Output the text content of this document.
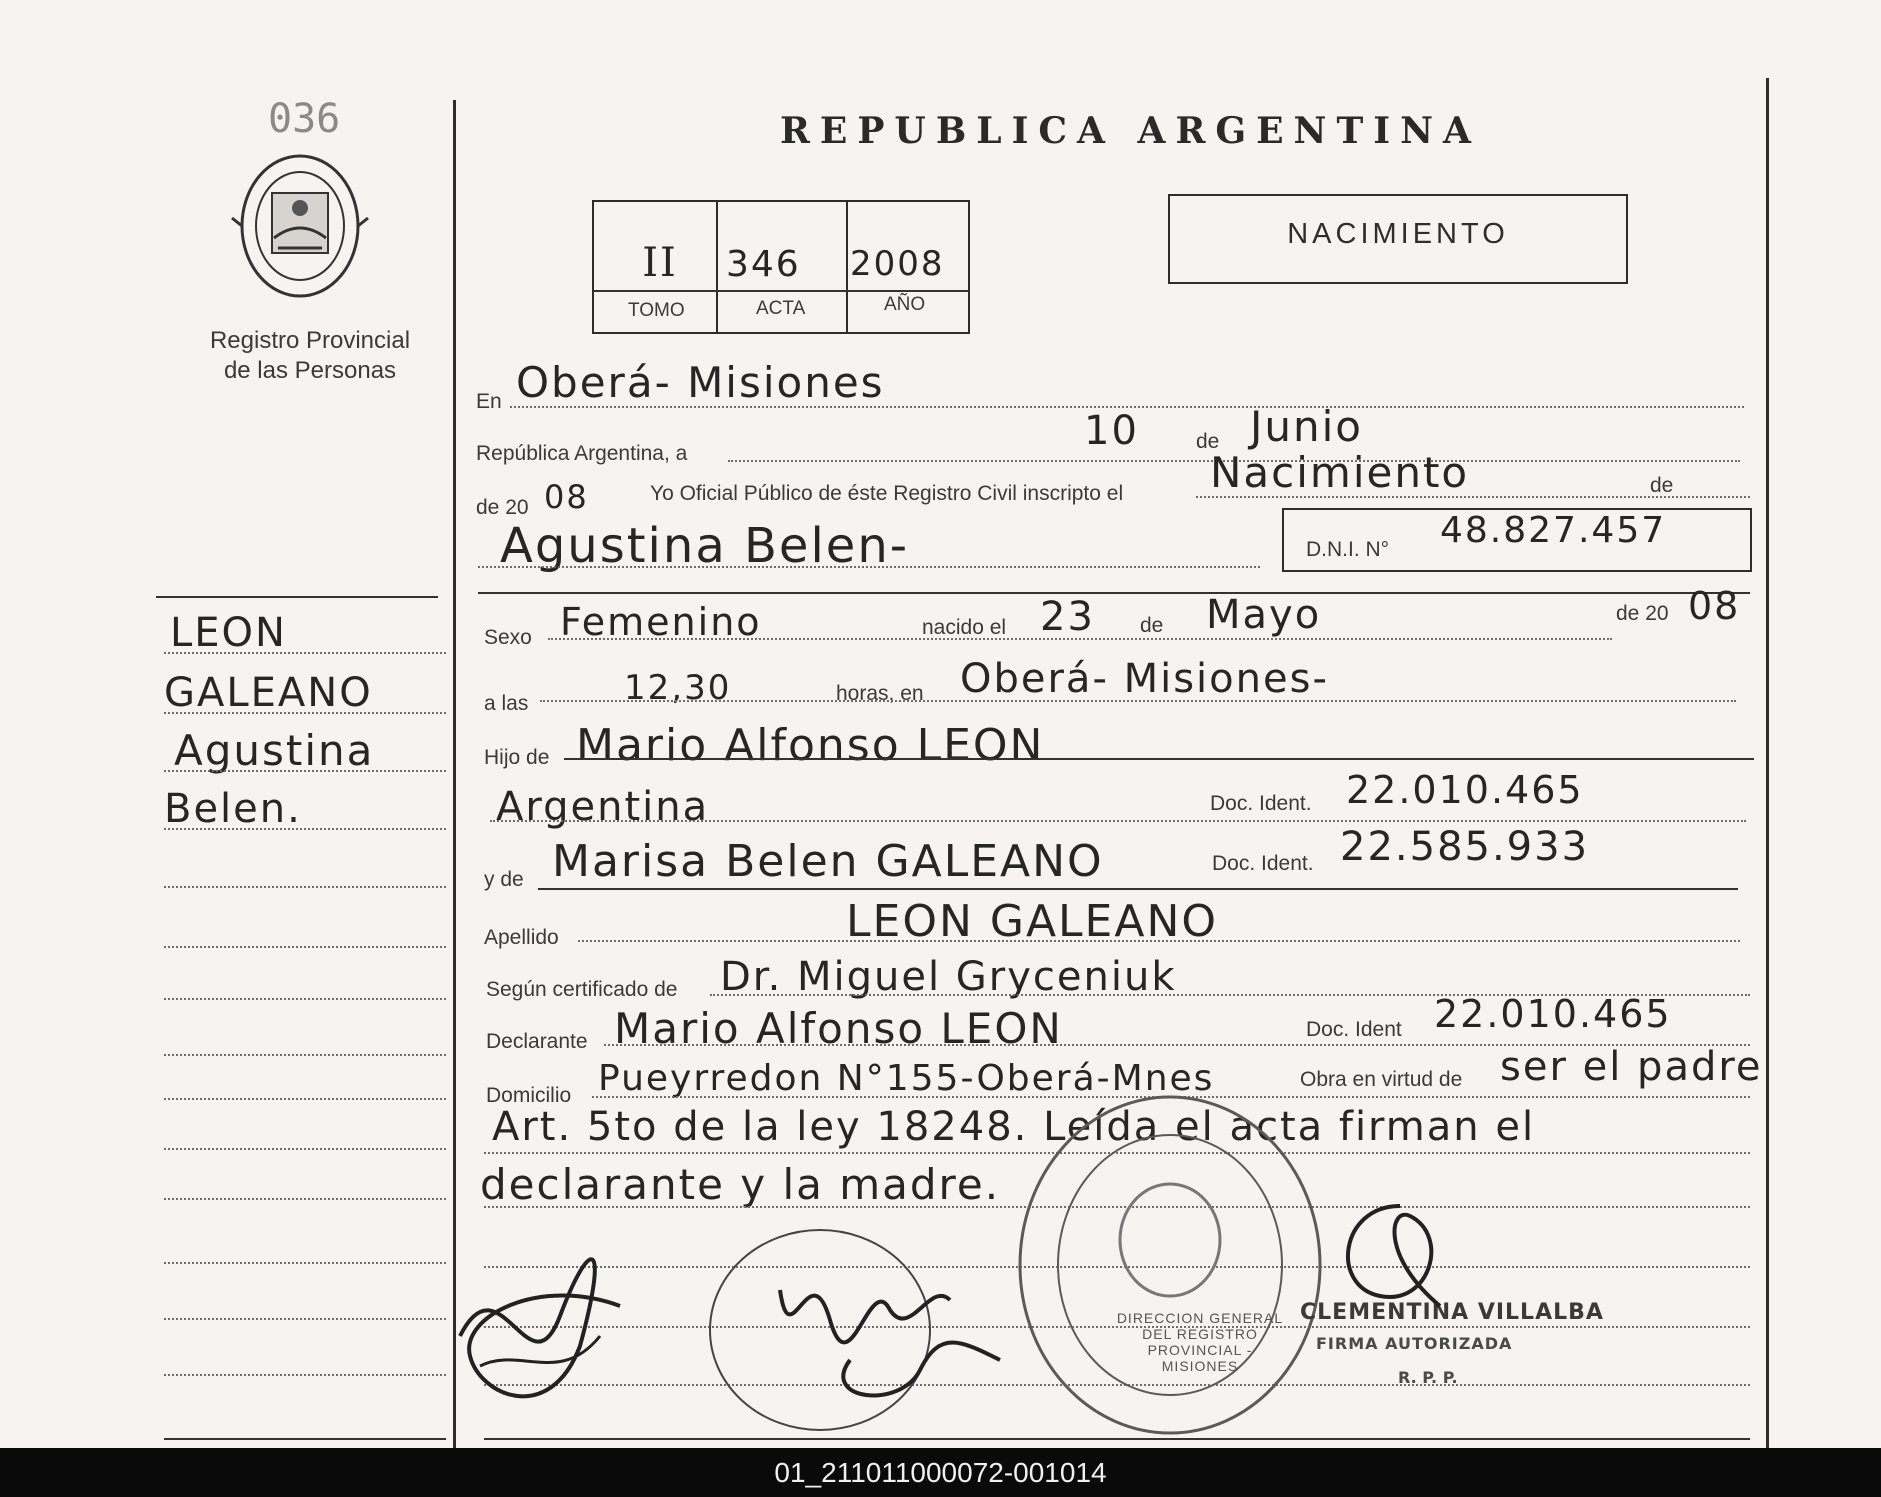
036
Registro Provincial
de las Personas
REPUBLICA ARGENTINA
II	346 2008
TOMO	ACTA	AÑO
NACIMIENTO
LEON
GALEANO
Agustina
Belen.
En Oberá- Misiones
República Argentina, a	10	de Junio
de 20 08	Yo Oficial Público de éste Registro Civil inscripto el Nacimiento	de
Agustina Belen-	D.N.I. N° 48.827.457
Sexo Femenino	nacido el 23 de Mayo	de 20 08
a las	12,30	horas, en Oberá- Misiones-
Hijo de Mario Alfonso LEON
Argentina	Doc. Ident. 22.010.465
y de Marisa Belen GALEANO	Doc. Ident. 22.585.933
Apellido	LEON GALEANO
Según certificado de Dr. Miguel Gryceniuk
Declarante Mario Alfonso LEON	Doc. Ident 22.010.465
Domicilio Pueyrredon N°155-Oberá-Mnes	Obra en virtud de ser el padre
Art. 5to de la ley 18248. Leída el acta firman el
declarante y la madre.
DIRECCION GENERAL DEL REGISTRO PROVINCIAL - MISIONES
CLEMENTINA VILLALBA
FIRMA AUTORIZADA
R. P. P.
01_211011000072-001014
